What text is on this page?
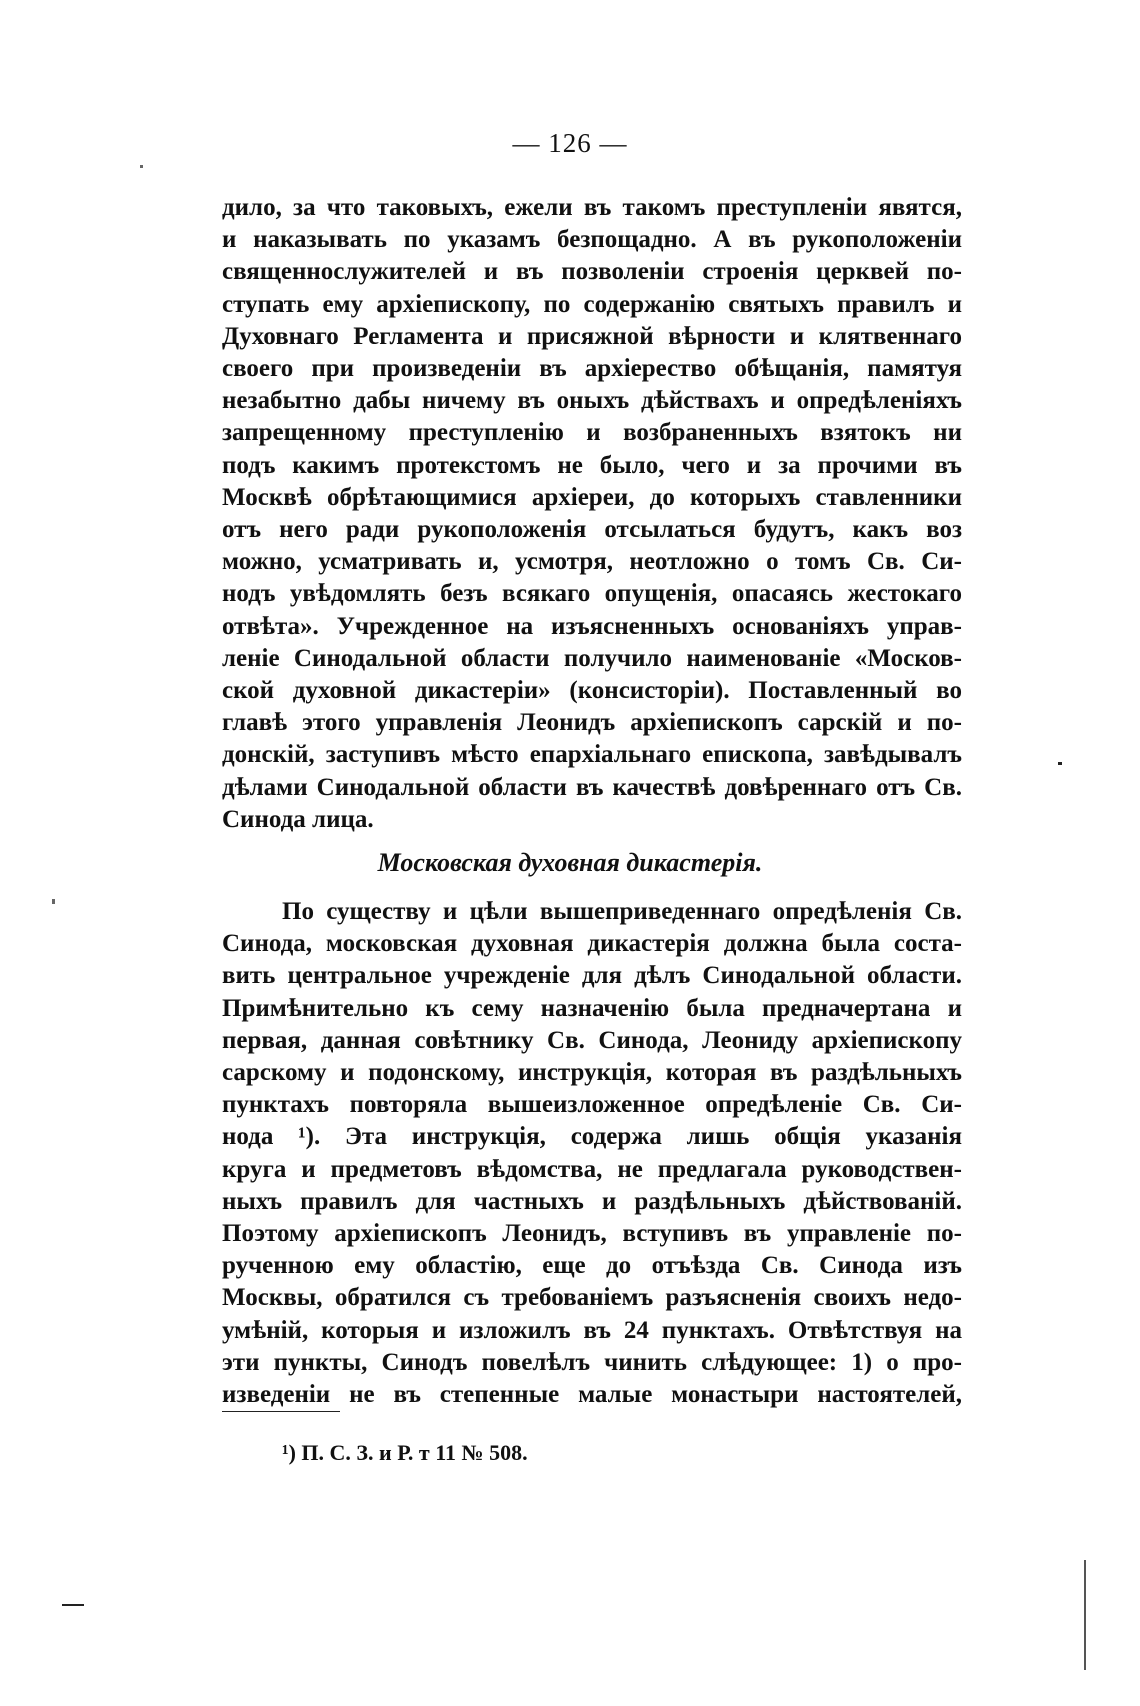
— 126 —
дило, за что таковыхъ, ежели въ такомъ преступленіи явятся,
и наказывать по указамъ безпощадно. А въ рукоположеніи
священнослужителей и въ позволеніи строенія церквей по-
ступать ему архіепископу, по содержанію святыхъ правилъ и
Духовнаго Регламента и присяжной вѣрности и клятвеннаго
своего при произведеніи въ архіерество обѣщанія, памятуя
незабытно дабы ничему въ оныхъ дѣйствахъ и опредѣленіяхъ
запрещенному преступленію и возбраненныхъ взятокъ ни
подъ какимъ протекстомъ не было, чего и за прочими въ
Москвѣ обрѣтающимися архіереи, до которыхъ ставленники
отъ него ради рукоположенія отсылаться будутъ, какъ воз
можно, усматривать и, усмотря, неотложно о томъ Св. Си-
нодъ увѣдомлять безъ всякаго опущенія, опасаясь жестокаго
отвѣта». Учрежденное на изъясненныхъ основаніяхъ управ-
леніе Синодальной области получило наименованіе «Москов-
ской духовной дикастеріи» (консисторіи). Поставленный во
главѣ этого управленія Леонидъ архіепископъ сарскій и по-
донскій, заступивъ мѣсто епархіальнаго епископа, завѣдывалъ
дѣлами Синодальной области въ качествѣ довѣреннаго отъ Св.
Синода лица.
Московская духовная дикастерія.
По существу и цѣли вышеприведеннаго опредѣленія Св.
Синода, московская духовная дикастерія должна была соста-
вить центральное учрежденіе для дѣлъ Синодальной области.
Примѣнительно къ сему назначенію была предначертана и
первая, данная совѣтнику Св. Синода, Леониду архіепископу
сарскому и подонскому, инструкція, которая въ раздѣльныхъ
пунктахъ повторяла вышеизложенное опредѣленіе Св. Си-
нода ¹). Эта инструкція, содержа лишь общія указанія
круга и предметовъ вѣдомства, не предлагала руководствен-
ныхъ правилъ для частныхъ и раздѣльныхъ дѣйствованій.
Поэтому архіепископъ Леонидъ, вступивъ въ управленіе по-
рученною ему областію, еще до отъѣзда Св. Синода изъ
Москвы, обратился съ требованіемъ разъясненія своихъ недо-
умѣній, которыя и изложилъ въ 24 пунктахъ. Отвѣтствуя на
эти пункты, Синодъ повелѣлъ чинить слѣдующее: 1) о про-
изведеніи не въ степенные малые монастыри настоятелей,
¹) П. С. З. и Р. т 11 № 508.
